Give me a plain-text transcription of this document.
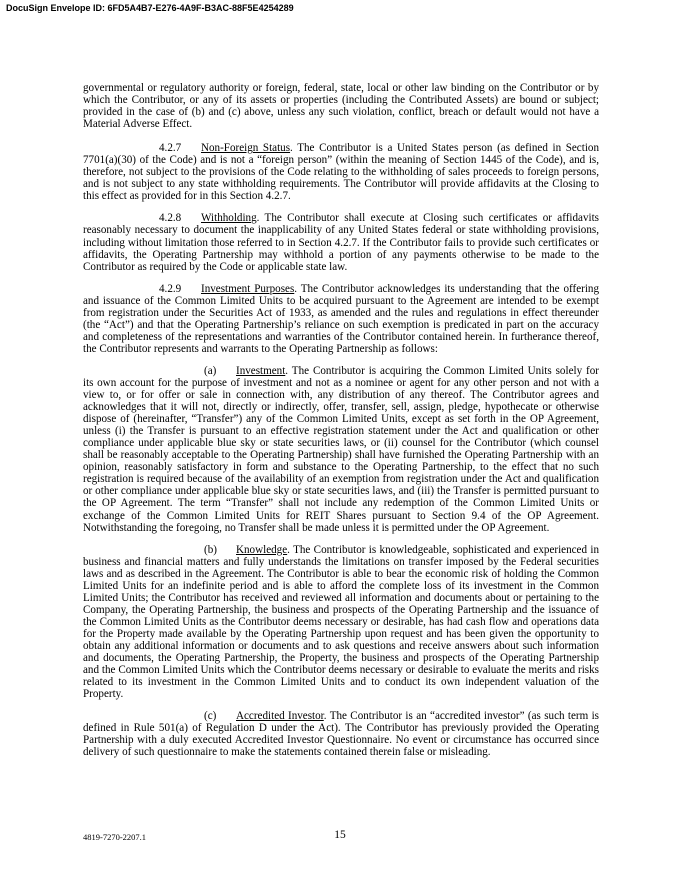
DocuSign Envelope ID: 6FD5A4B7-E276-4A9F-B3AC-88F5E4254289

governmental or regulatory authority or foreign, federal, state, local or other law binding on the Contributor or by which the Contributor, or any of its assets or properties (including the Contributed Assets) are bound or subject; provided in the case of (b) and (c) above, unless any such violation, conflict, breach or default would not have a Material Adverse Effect.

4.2.7 Non-Foreign Status. The Contributor is a United States person (as defined in Section 7701(a)(30) of the Code) and is not a “foreign person” (within the meaning of Section 1445 of the Code), and is, therefore, not subject to the provisions of the Code relating to the withholding of sales proceeds to foreign persons, and is not subject to any state withholding requirements. The Contributor will provide affidavits at the Closing to this effect as provided for in this Section 4.2.7.

4.2.8 Withholding. The Contributor shall execute at Closing such certificates or affidavits reasonably necessary to document the inapplicability of any United States federal or state withholding provisions, including without limitation those referred to in Section 4.2.7. If the Contributor fails to provide such certificates or affidavits, the Operating Partnership may withhold a portion of any payments otherwise to be made to the Contributor as required by the Code or applicable state law.

4.2.9 Investment Purposes. The Contributor acknowledges its understanding that the offering and issuance of the Common Limited Units to be acquired pursuant to the Agreement are intended to be exempt from registration under the Securities Act of 1933, as amended and the rules and regulations in effect thereunder (the “Act”) and that the Operating Partnership’s reliance on such exemption is predicated in part on the accuracy and completeness of the representations and warranties of the Contributor contained herein. In furtherance thereof, the Contributor represents and warrants to the Operating Partnership as follows:

(a) Investment. The Contributor is acquiring the Common Limited Units solely for its own account for the purpose of investment and not as a nominee or agent for any other person and not with a view to, or for offer or sale in connection with, any distribution of any thereof. The Contributor agrees and acknowledges that it will not, directly or indirectly, offer, transfer, sell, assign, pledge, hypothecate or otherwise dispose of (hereinafter, “Transfer”) any of the Common Limited Units, except as set forth in the OP Agreement, unless (i) the Transfer is pursuant to an effective registration statement under the Act and qualification or other compliance under applicable blue sky or state securities laws, or (ii) counsel for the Contributor (which counsel shall be reasonably acceptable to the Operating Partnership) shall have furnished the Operating Partnership with an opinion, reasonably satisfactory in form and substance to the Operating Partnership, to the effect that no such registration is required because of the availability of an exemption from registration under the Act and qualification or other compliance under applicable blue sky or state securities laws, and (iii) the Transfer is permitted pursuant to the OP Agreement. The term “Transfer” shall not include any redemption of the Common Limited Units or exchange of the Common Limited Units for REIT Shares pursuant to Section 9.4 of the OP Agreement. Notwithstanding the foregoing, no Transfer shall be made unless it is permitted under the OP Agreement.

(b) Knowledge. The Contributor is knowledgeable, sophisticated and experienced in business and financial matters and fully understands the limitations on transfer imposed by the Federal securities laws and as described in the Agreement. The Contributor is able to bear the economic risk of holding the Common Limited Units for an indefinite period and is able to afford the complete loss of its investment in the Common Limited Units; the Contributor has received and reviewed all information and documents about or pertaining to the Company, the Operating Partnership, the business and prospects of the Operating Partnership and the issuance of the Common Limited Units as the Contributor deems necessary or desirable, has had cash flow and operations data for the Property made available by the Operating Partnership upon request and has been given the opportunity to obtain any additional information or documents and to ask questions and receive answers about such information and documents, the Operating Partnership, the Property, the business and prospects of the Operating Partnership and the Common Limited Units which the Contributor deems necessary or desirable to evaluate the merits and risks related to its investment in the Common Limited Units and to conduct its own independent valuation of the Property.

(c) Accredited Investor. The Contributor is an “accredited investor” (as such term is defined in Rule 501(a) of Regulation D under the Act). The Contributor has previously provided the Operating Partnership with a duly executed Accredited Investor Questionnaire. No event or circumstance has occurred since delivery of such questionnaire to make the statements contained therein false or misleading.

4819-7270-2207.1	15
